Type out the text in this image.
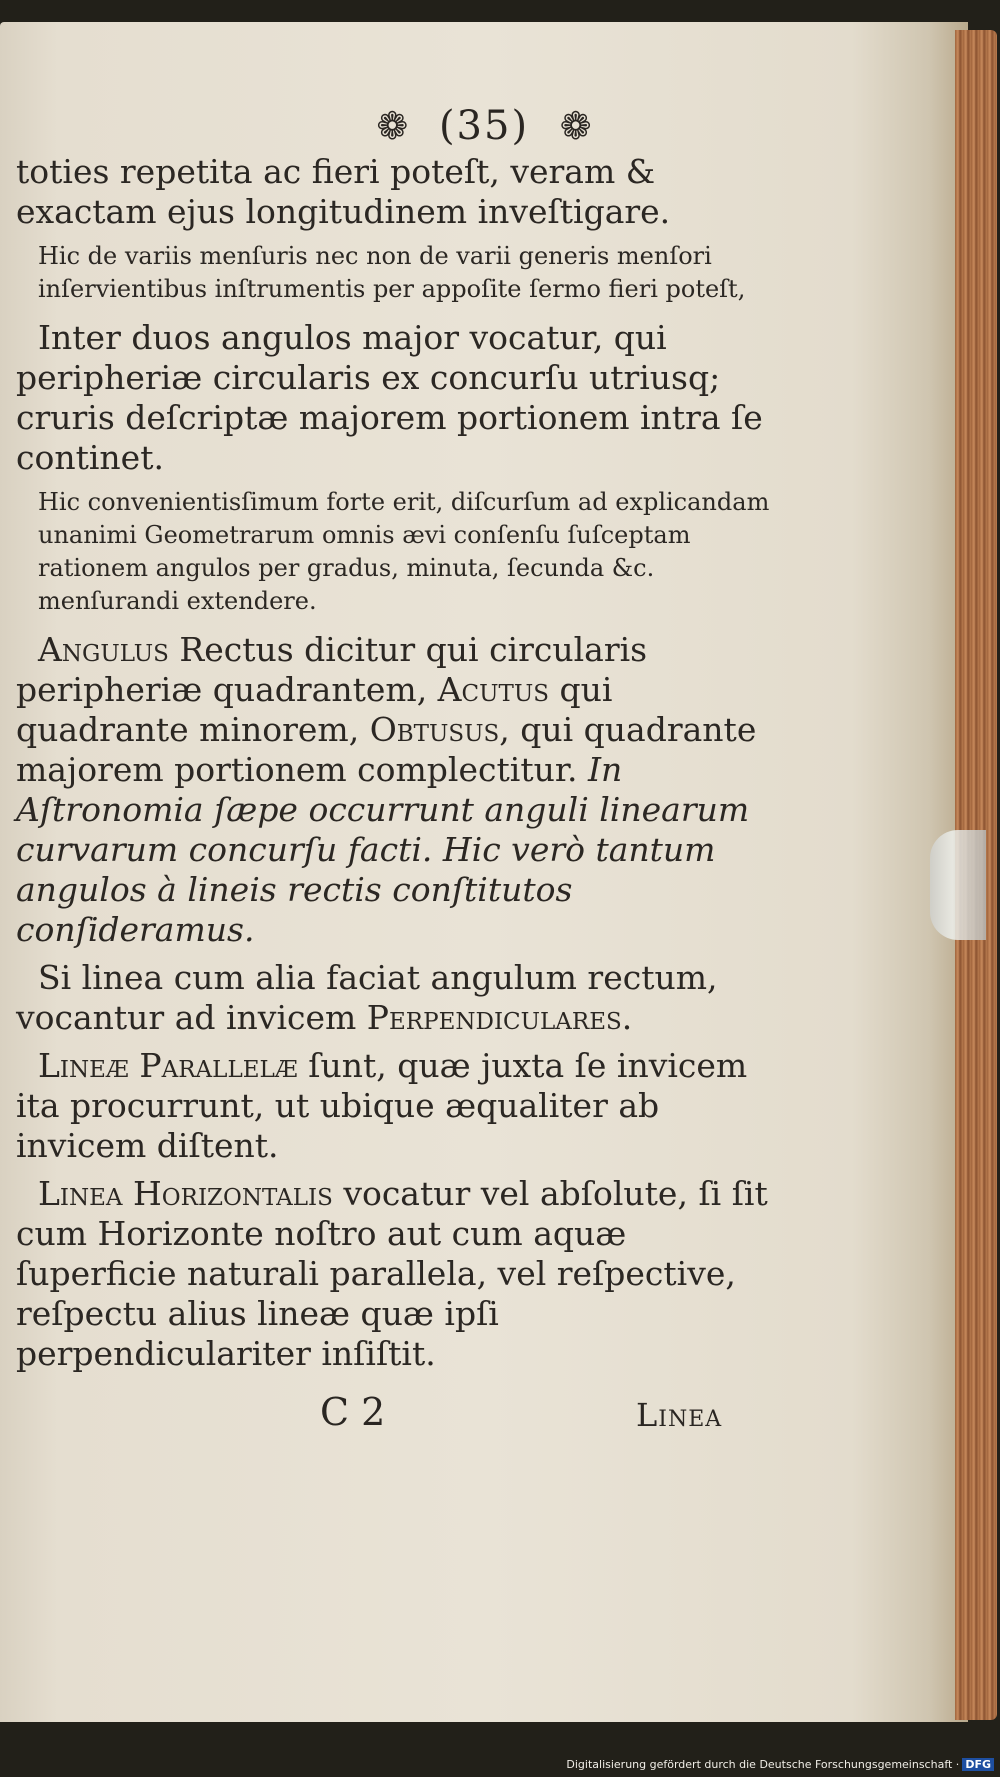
❁ (35) ❁

toties repetita ac fieri poteſt, veram & exactam ejus longitudinem inveſtigare.

Hic de variis menſuris nec non de varii generis menſori inſervientibus inſtrumentis per appoſite ſermo fieri poteſt,

Inter duos angulos major vocatur, qui peripheriæ circularis ex concurſu utriusq; cruris deſcriptæ majorem portionem intra ſe continet.

Hic convenientisſimum forte erit, diſcurſum ad explicandam unanimi Geometrarum omnis ævi conſenſu ſuſceptam rationem angulos per gradus, minuta, ſecunda &c. menſurandi extendere.

Angulus Rectus dicitur qui circularis peripheriæ quadrantem, Acutus qui quadrante minorem, Obtusus, qui quadrante majorem portionem complectitur. In Aſtronomia ſæpe occurrunt anguli linearum curvarum concurſu facti. Hic verò tantum angulos à lineis rectis conſtitutos conſideramus.

Si linea cum alia faciat angulum rectum, vocantur ad invicem Perpendiculares.

Lineæ Parallelæ ſunt, quæ juxta ſe invicem ita procurrunt, ut ubique æqualiter ab invicem diſtent.

Linea Horizontalis vocatur vel abſolute, ſi ſit cum Horizonte noſtro aut cum aquæ ſuperficie naturali parallela, vel reſpective, reſpectu alius lineæ quæ ipſi perpendiculariter inſiſtit.

C 2	Linea
Digitalisierung gefördert durch die Deutsche Forschungsgemeinschaft · DFG
